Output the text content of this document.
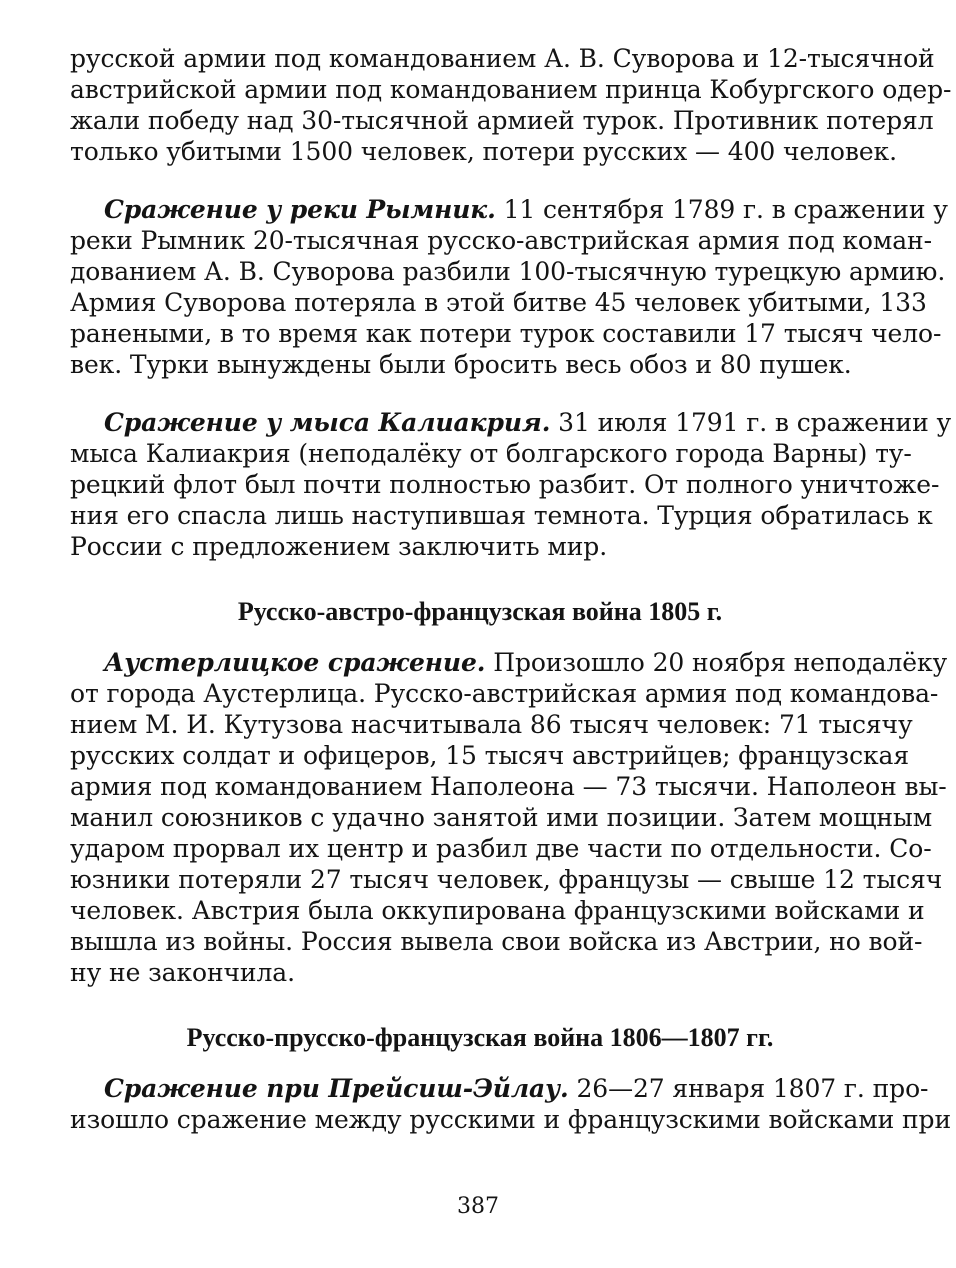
русской армии под командованием А. В. Суворова и 12-тысячной
австрийской армии под командованием принца Кобургского одер-
жали победу над 30-тысячной армией турок. Противник потерял
только убитыми 1500 человек, потери русских — 400 человек.
Сражение у реки Рымник. 11 сентября 1789 г. в сражении у
реки Рымник 20-тысячная русско-австрийская армия под коман-
дованием А. В. Суворова разбили 100-тысячную турецкую армию.
Армия Суворова потеряла в этой битве 45 человек убитыми, 133
ранеными, в то время как потери турок составили 17 тысяч чело-
век. Турки вынуждены были бросить весь обоз и 80 пушек.
Сражение у мыса Калиакрия. 31 июля 1791 г. в сражении у
мыса Калиакрия (неподалёку от болгарского города Варны) ту-
рецкий флот был почти полностью разбит. От полного уничтоже-
ния его спасла лишь наступившая темнота. Турция обратилась к
России с предложением заключить мир.
Русско-австро-французская война 1805 г.
Аустерлицкое сражение. Произошло 20 ноября неподалёку
от города Аустерлица. Русско-австрийская армия под командова-
нием М. И. Кутузова насчитывала 86 тысяч человек: 71 тысячу
русских солдат и офицеров, 15 тысяч австрийцев; французская
армия под командованием Наполеона — 73 тысячи. Наполеон вы-
манил союзников с удачно занятой ими позиции. Затем мощным
ударом прорвал их центр и разбил две части по отдельности. Со-
юзники потеряли 27 тысяч человек, французы — свыше 12 тысяч
человек. Австрия была оккупирована французскими войсками и
вышла из войны. Россия вывела свои войска из Австрии, но вой-
ну не закончила.
Русско-прусско-французская война 1806—1807 гг.
Сражение при Прейсиш-Эйлау. 26—27 января 1807 г. про-
изошло сражение между русскими и французскими войсками при
387
